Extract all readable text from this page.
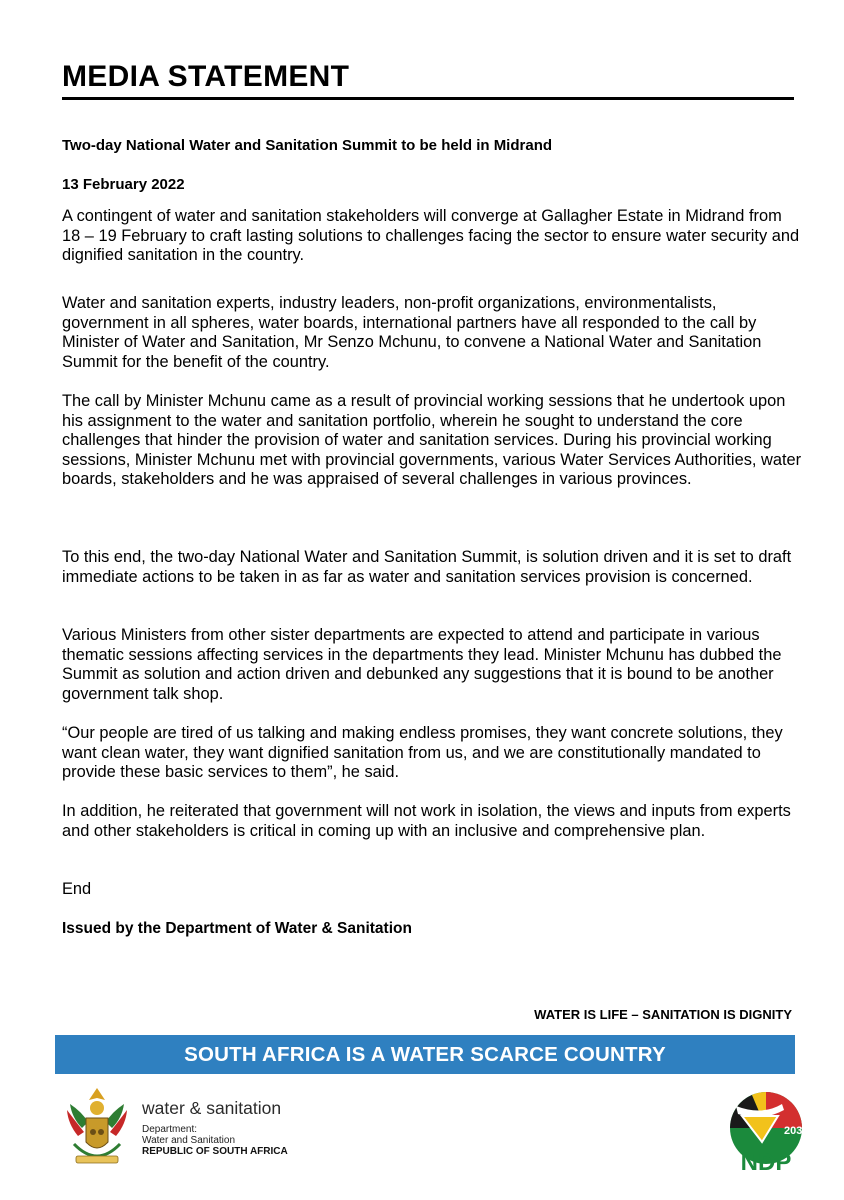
MEDIA STATEMENT
Two-day National Water and Sanitation Summit to be held in Midrand
13 February 2022

A contingent of water and sanitation stakeholders will converge at Gallagher Estate in Midrand from 18 – 19 February to craft lasting solutions to challenges facing the sector to ensure water security and dignified sanitation in the country.

Water and sanitation experts, industry leaders, non-profit organizations, environmentalists, government in all spheres, water boards, international partners have all responded to the call by Minister of Water and Sanitation, Mr Senzo Mchunu, to convene a National Water and Sanitation Summit for the benefit of the country.

The call by Minister Mchunu came as a result of provincial working sessions that he undertook upon his assignment to the water and sanitation portfolio, wherein he sought to understand the core challenges that hinder the provision of water and sanitation services. During his provincial working sessions, Minister Mchunu met with provincial governments, various Water Services Authorities, water boards, stakeholders and he was appraised of several challenges in various provinces.

To this end, the two-day National Water and Sanitation Summit, is solution driven and it is set to draft immediate actions to be taken in as far as water and sanitation services provision is concerned.

Various Ministers from other sister departments are expected to attend and participate in various thematic sessions affecting services in the departments they lead. Minister Mchunu has dubbed the Summit as solution and action driven and debunked any suggestions that it is bound to be another government talk shop.

“Our people are tired of us talking and making endless promises, they want concrete solutions, they want clean water, they want dignified sanitation from us, and we are constitutionally mandated to provide these basic services to them”, he said.

In addition, he reiterated that government will not work in isolation, the views and inputs from experts and other stakeholders is critical in coming up with an inclusive and comprehensive plan.

End

Issued by the Department of Water & Sanitation
WATER IS LIFE – SANITATION IS DIGNITY
SOUTH AFRICA IS A WATER SCARCE COUNTRY
water & sanitation
Department:
Water and Sanitation
REPUBLIC OF SOUTH AFRICA
2030
NDP
